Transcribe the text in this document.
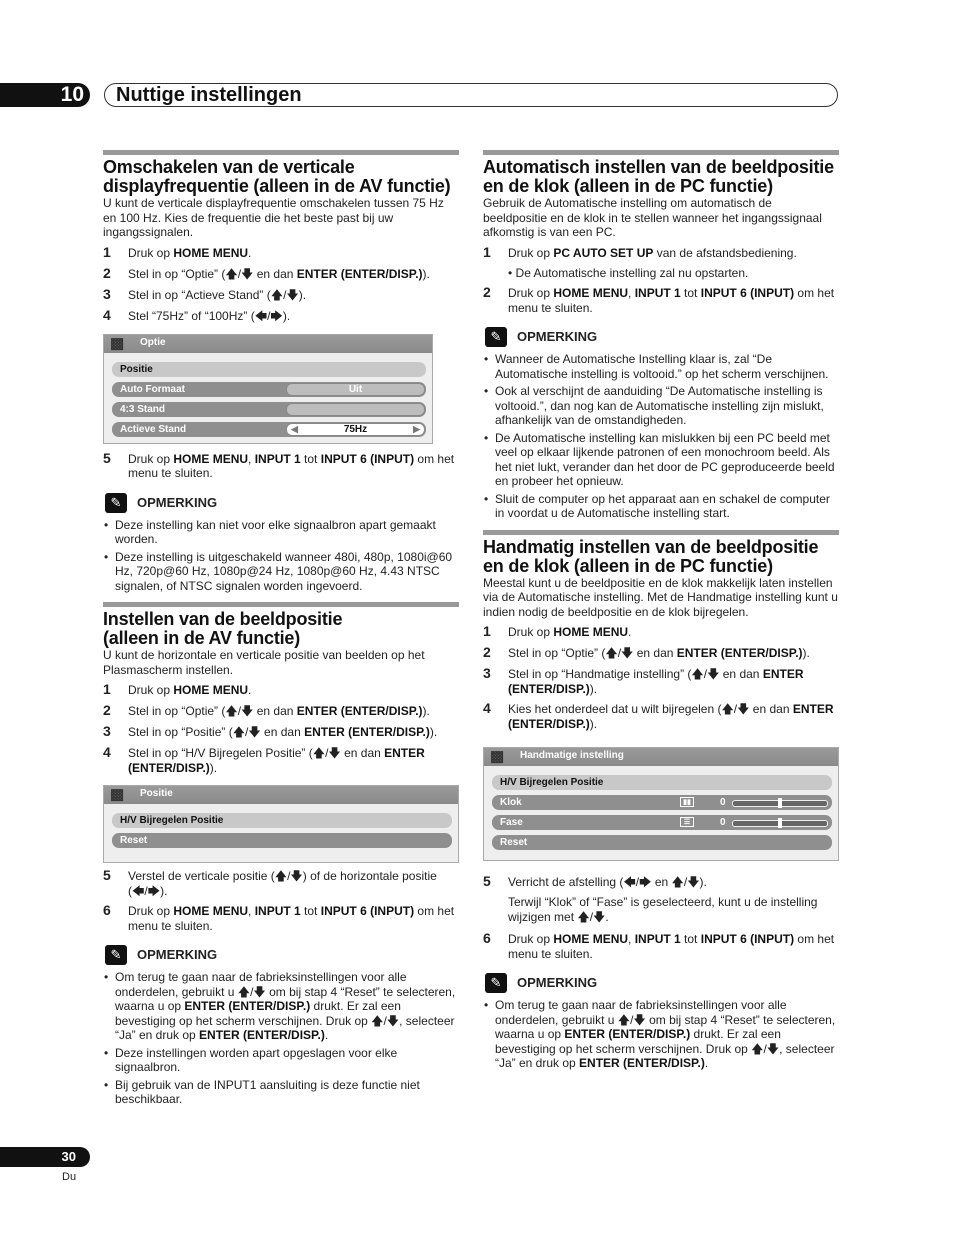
10	Nuttige instellingen
Omschakelen van de verticale displayfrequentie (alleen in de AV functie)

U kunt de verticale displayfrequentie omschakelen tussen 75 Hz en 100 Hz. Kies de frequentie die het beste past bij uw ingangssignalen.

1 Druk op HOME MENU.
2 Stel in op “Optie” (🡅/🡇 en dan ENTER (ENTER/DISP.)).
3 Stel in op “Actieve Stand” (🡅/🡇).
4 Stel “75Hz” of “100Hz” (🡄/🡆).
▩ Optie
Positie
Auto Formaat	Uit
4:3 Stand
Actieve Stand	◀	75Hz	▶
5 Druk op HOME MENU, INPUT 1 tot INPUT 6 (INPUT) om het menu te sluiten.
✎	OPMERKING
• Deze instelling kan niet voor elke signaalbron apart gemaakt worden.
• Deze instelling is uitgeschakeld wanneer 480i, 480p, 1080i@60 Hz, 720p@60 Hz, 1080p@24 Hz, 1080p@60 Hz, 4.43 NTSC signalen, of NTSC signalen worden ingevoerd.
Instellen van de beeldpositie (alleen in de AV functie)

U kunt de horizontale en verticale positie van beelden op het Plasmascherm instellen.

1 Druk op HOME MENU.
2 Stel in op “Optie” (🡅/🡇 en dan ENTER (ENTER/DISP.)).
3 Stel in op “Positie” (🡅/🡇 en dan ENTER (ENTER/DISP.)).
4 Stel in op “H/V Bijregelen Positie” (🡅/🡇 en dan ENTER (ENTER/DISP.)).
▩ Positie
H/V Bijregelen Positie
Reset
5 Verstel de verticale positie (🡅/🡇) of de horizontale positie (🡄/🡆).
6 Druk op HOME MENU, INPUT 1 tot INPUT 6 (INPUT) om het menu te sluiten.
✎	OPMERKING
• Om terug te gaan naar de fabrieksinstellingen voor alle onderdelen, gebruikt u 🡅/🡇 om bij stap 4 “Reset” te selecteren, waarna u op ENTER (ENTER/DISP.) drukt. Er zal een bevestiging op het scherm verschijnen. Druk op 🡅/🡇, selecteer “Ja” en druk op ENTER (ENTER/DISP.).
• Deze instellingen worden apart opgeslagen voor elke signaalbron.
• Bij gebruik van de INPUT1 aansluiting is deze functie niet beschikbaar.
Automatisch instellen van de beeldpositie en de klok (alleen in de PC functie)

Gebruik de Automatische instelling om automatisch de beeldpositie en de klok in te stellen wanneer het ingangssignaal afkomstig is van een PC.

1 Druk op PC AUTO SET UP van de afstandsbediening.
• De Automatische instelling zal nu opstarten.
2 Druk op HOME MENU, INPUT 1 tot INPUT 6 (INPUT) om het menu te sluiten.
✎	OPMERKING
• Wanneer de Automatische Instelling klaar is, zal “De Automatische instelling is voltooid.” op het scherm verschijnen.
• Ook al verschijnt de aanduiding “De Automatische instelling is voltooid.”, dan nog kan de Automatische instelling zijn mislukt, afhankelijk van de omstandigheden.
• De Automatische instelling kan mislukken bij een PC beeld met veel op elkaar lijkende patronen of een monochroom beeld. Als het niet lukt, verander dan het door de PC geproduceerde beeld en probeer het opnieuw.
• Sluit de computer op het apparaat aan en schakel de computer in voordat u de Automatische instelling start.
Handmatig instellen van de beeldpositie en de klok (alleen in de PC functie)

Meestal kunt u de beeldpositie en de klok makkelijk laten instellen via de Automatische instelling. Met de Handmatige instelling kunt u indien nodig de beeldpositie en de klok bijregelen.

1 Druk op HOME MENU.
2 Stel in op “Optie” (🡅/🡇 en dan ENTER (ENTER/DISP.)).
3 Stel in op “Handmatige instelling” (🡅/🡇 en dan ENTER (ENTER/DISP.)).
4 Kies het onderdeel dat u wilt bijregelen (🡅/🡇 en dan ENTER (ENTER/DISP.)).
▩ Handmatige instelling
H/V Bijregelen Positie
Klok	▮▮	0
Fase	☰	0
Reset
5 Verricht de afstelling (🡄/🡆 en 🡅/🡇).
Terwijl “Klok” of “Fase” is geselecteerd, kunt u de instelling wijzigen met 🡅/🡇.
6 Druk op HOME MENU, INPUT 1 tot INPUT 6 (INPUT) om het menu te sluiten.
✎	OPMERKING
• Om terug te gaan naar de fabrieksinstellingen voor alle onderdelen, gebruikt u 🡅/🡇 om bij stap 4 “Reset” te selecteren, waarna u op ENTER (ENTER/DISP.) drukt. Er zal een bevestiging op het scherm verschijnen. Druk op 🡅/🡇, selecteer “Ja” en druk op ENTER (ENTER/DISP.).
30
Du
